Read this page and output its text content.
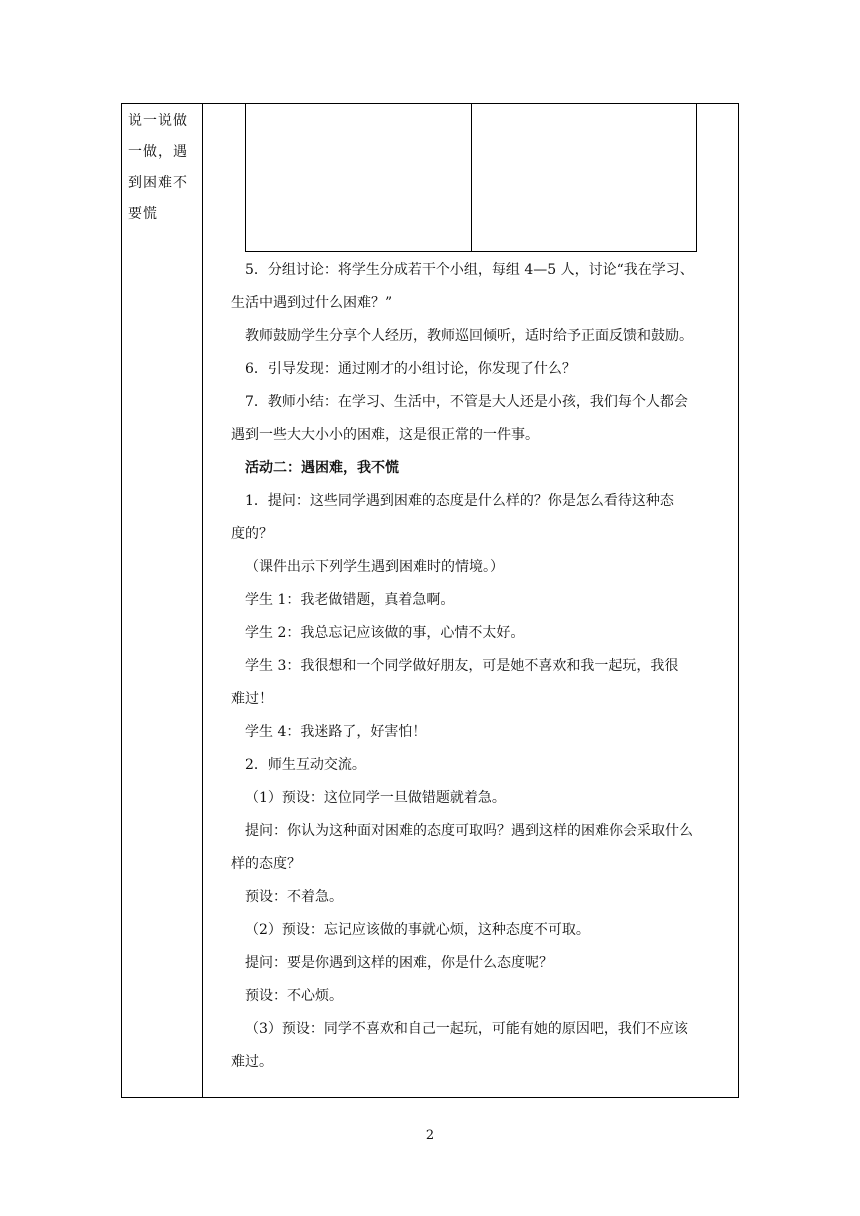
说一说做一做，遇到困难不要慌

5．分组讨论：将学生分成若干个小组，每组 4—5 人，讨论“我在学习、

生活中遇到过什么困难？”

教师鼓励学生分享个人经历，教师巡回倾听，适时给予正面反馈和鼓励。

6．引导发现：通过刚才的小组讨论，你发现了什么？

7．教师小结：在学习、生活中，不管是大人还是小孩，我们每个人都会

遇到一些大大小小的困难，这是很正常的一件事。

活动二：遇困难，我不慌

1．提问：这些同学遇到困难的态度是什么样的？你是怎么看待这种态

度的？

（课件出示下列学生遇到困难时的情境。）

学生 1：我老做错题，真着急啊。

学生 2：我总忘记应该做的事，心情不太好。

学生 3：我很想和一个同学做好朋友，可是她不喜欢和我一起玩，我很

难过！

学生 4：我迷路了，好害怕！

2．师生互动交流。

（1）预设：这位同学一旦做错题就着急。

提问：你认为这种面对困难的态度可取吗？遇到这样的困难你会采取什么

样的态度？

预设：不着急。

（2）预设：忘记应该做的事就心烦，这种态度不可取。

提问：要是你遇到这样的困难，你是什么态度呢？

预设：不心烦。

（3）预设：同学不喜欢和自己一起玩，可能有她的原因吧，我们不应该

难过。

2
